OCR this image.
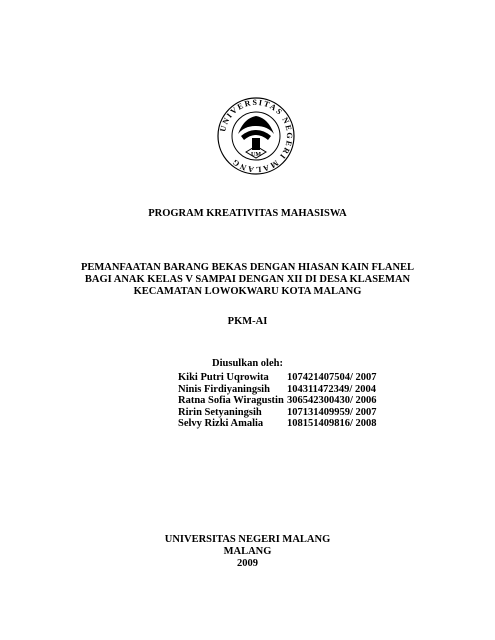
UNIVERSITAS NEGERI MALANG
UM
PROGRAM KREATIVITAS MAHASISWA
PEMANFAATAN BARANG BEKAS DENGAN HIASAN KAIN FLANEL
BAGI ANAK KELAS V SAMPAI DENGAN XII DI DESA KLASEMAN
KECAMATAN LOWOKWARU KOTA MALANG
PKM-AI
Diusulkan oleh:
Kiki Putri Uqrowita	107421407504/ 2007
Ninis Firdiyaningsih	104311472349/ 2004
Ratna Sofia Wiragustin 306542300430/ 2006
Ririn Setyaningsih	107131409959/ 2007
Selvy Rizki Amalia	108151409816/ 2008
UNIVERSITAS NEGERI MALANG
MALANG
2009
